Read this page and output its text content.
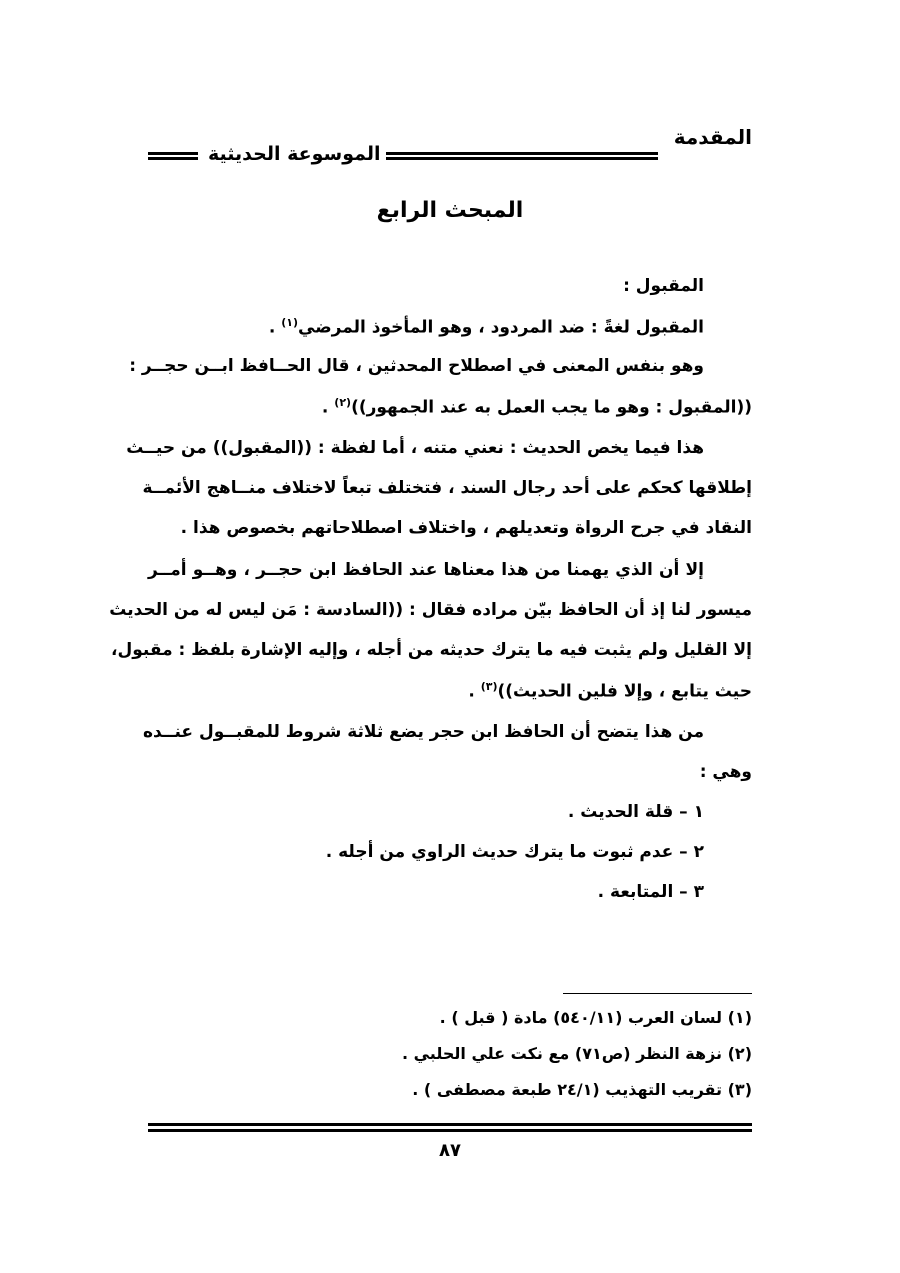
الموسوعة الحديثية
المقدمة
المبحث الرابع
المقبول :
المقبول لغةً : ضد المردود ، وهو المأخوذ المرضي$^{(١)}$ .
وهو بنفس المعنى في اصطلاح المحدثين ، قال الحــافظ ابــن حجــر :
((المقبول : وهو ما يجب العمل به عند الجمهور))$^{(٢)}$ .
هذا فيما يخص الحديث : نعني متنه ، أما لفظة : ((المقبول)) من حيــث
إطلاقها كحكم على أحد رجال السند ، فتختلف تبعاً لاختلاف منــاهج الأئمــة
النقاد في جرح الرواة وتعديلهم ، واختلاف اصطلاحاتهم بخصوص هذا .
إلا أن الذي يهمنا من هذا معناها عند الحافظ ابن حجــر ، وهــو أمــر
ميسور لنا إذ أن الحافظ بيّن مراده فقال : ((السادسة : مَن ليس له من الحديث
إلا القليل ولم يثبت فيه ما يترك حديثه من أجله ، وإليه الإشارة بلفظ : مقبول،
حيث يتابع ، وإلا فلين الحديث))$^{(٣)}$ .
من هذا يتضح أن الحافظ ابن حجر يضع ثلاثة شروط للمقبــول عنــده
وهي :
١ – قلة الحديث .
٢ – عدم ثبوت ما يترك حديث الراوي من أجله .
٣ – المتابعة .
(١) لسان العرب (٥٤٠/١١) مادة ( قبل ) .
(٢) نزهة النظر (ص٧١) مع نكت علي الحلبي .
(٣) تقريب التهذيب (٢٤/١ طبعة مصطفى ) .
٨٧
